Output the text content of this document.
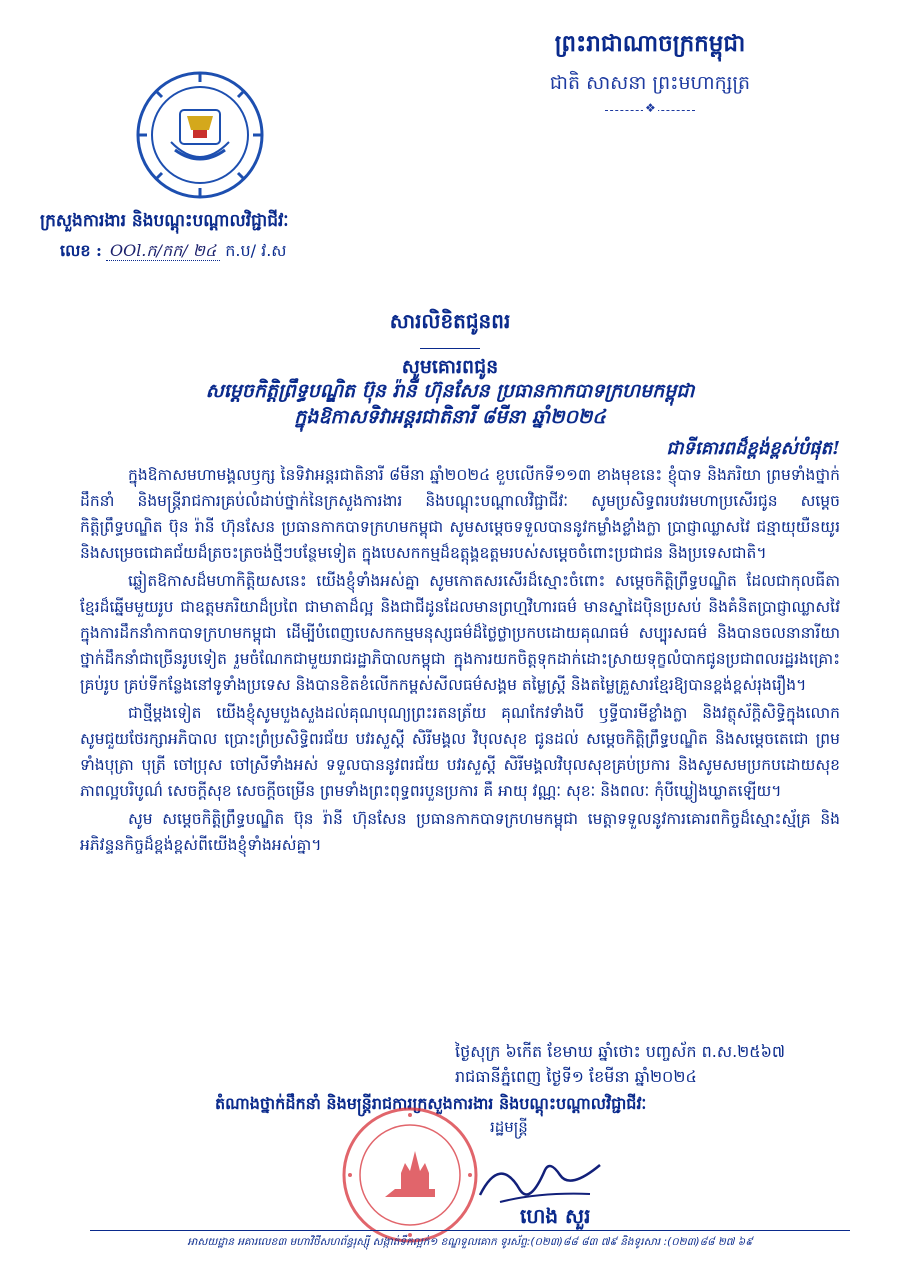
ព្រះរាជាណាចក្រកម្ពុជា
ជាតិ សាសនា ព្រះមហាក្សត្រ
❖
ក្រសួងការងារ និងបណ្តុះបណ្តាលវិជ្ជាជីវៈ
លេខ : OOl.ក/កក/ ២៤ ក.ប/ វ.ស
សារលិខិតជូនពរ
សូមគោរពជូន
សម្តេចកិត្តិព្រឹទ្ធបណ្ឌិត ប៊ុន រ៉ានី ហ៊ុនសែន ប្រធានកាកបាទក្រហមកម្ពុជា
ក្នុងឱកាសទិវាអន្តរជាតិនារី ៨មីនា ឆ្នាំ២០២៤
ជាទីគោរពដ៏ខ្ពង់ខ្ពស់បំផុត!

ក្នុងឱកាសមហាមង្គលឫក្ស នៃទិវាអន្តរជាតិនារី ៨មីនា ឆ្នាំ២០២៤ ខួបលើកទី១១៣ ខាងមុខនេះ ខ្ញុំបាទ និងភរិយា ព្រមទាំងថ្នាក់ដឹកនាំ និងមន្ត្រីរាជការគ្រប់លំដាប់ថ្នាក់នៃក្រសួងការងារ និងបណ្តុះបណ្តាលវិជ្ជាជីវៈ សូមប្រសិទ្ធពរបវរមហាប្រសើរជូន សម្តេចកិត្តិព្រឹទ្ធបណ្ឌិត ប៊ុន រ៉ានី ហ៊ុនសែន ប្រធានកាកបាទក្រហមកម្ពុជា សូមសម្តេចទទួលបាននូវកម្លាំងខ្លាំងក្លា ប្រាជ្ញាឈ្លាសវៃ ជន្មាយុយឺនយូរ និងសម្រេចជោគជ័យដ៏ត្រចះត្រចង់ថ្មីៗបន្ថែមទៀត ក្នុងបេសកកម្មដ៏ឧត្តុង្គឧត្តមរបស់សម្តេចចំពោះប្រជាជន និងប្រទេសជាតិ។

ឆ្លៀតឱកាសដ៏មហាកិត្តិយសនេះ យើងខ្ញុំទាំងអស់គ្នា សូមកោតសរសើរដ៏ស្មោះចំពោះ សម្តេចកិត្តិព្រឹទ្ធបណ្ឌិត ដែលជាកុលធីតាខ្មែរដ៏ឆ្នើមមួយរូប ជាឧត្តមភរិយាដ៏ប្រពៃ ជាមាតាដ៏ល្អ និងជាជីដូនដែលមានព្រហ្មវិហារធម៌ មានស្នាដៃប៉ិនប្រសប់ និងគំនិតប្រាជ្ញាឈ្លាសវៃ ក្នុងការដឹកនាំកាកបាទក្រហមកម្ពុជា ដើម្បីបំពេញបេសកកម្មមនុស្សធម៌ដ៏ថ្លៃថ្លាប្រកបដោយគុណធម៌ សប្បុរសធម៌ និងបានចលនានារីយាថ្នាក់ដឹកនាំជាច្រើនរូបទៀត រួមចំណែកជាមួយរាជរដ្ឋាភិបាលកម្ពុជា ក្នុងការយកចិត្តទុកដាក់ដោះស្រាយទុក្ខលំបាកជូនប្រជាពលរដ្ឋរងគ្រោះគ្រប់រូប គ្រប់ទីកន្លែងនៅទូទាំងប្រទេស និងបានខិតខំលើកកម្ពស់សីលធម៌សង្គម តម្លៃស្ត្រី និងតម្លៃគ្រួសារខ្មែរឱ្យបានខ្ពង់ខ្ពស់រុងរឿង។

ជាថ្មីម្តងទៀត យើងខ្ញុំសូមបួងសួងដល់គុណបុណ្យព្រះរតនត្រ័យ គុណកែវទាំងបី ឫទ្ធីបារមីខ្លាំងក្លា និងវត្ថុស័ក្តិសិទ្ធិក្នុងលោក សូមជួយថែរក្សាអភិបាល ប្រោះព្រំប្រសិទ្ធិពរជ័យ បវរសួស្តី សិរីមង្គល វិបុលសុខ ជូនដល់ សម្តេចកិត្តិព្រឹទ្ធបណ្ឌិត និងសម្តេចតេជោ ព្រមទាំងបុត្រា បុត្រី ចៅប្រុស ចៅស្រីទាំងអស់ ទទួលបាននូវពរជ័យ បវរសួស្តី សិរីមង្គលវិបុលសុខគ្រប់ប្រការ និងសូមសមប្រកបដោយសុខភាពល្អបរិបូណ៌ សេចក្តីសុខ សេចក្តីចម្រើន ព្រមទាំងព្រះពុទ្ធពរបួនប្រការ គឺ អាយុ វណ្ណៈ សុខៈ និងពលៈ កុំបីឃ្លៀងឃ្លាតឡើយ។

សូម សម្តេចកិត្តិព្រឹទ្ធបណ្ឌិត ប៊ុន រ៉ានី ហ៊ុនសែន ប្រធានកាកបាទក្រហមកម្ពុជា មេត្តាទទួលនូវការគោរពកិច្ចដ៏ស្មោះស្ម័គ្រ និងអភិវន្ទនកិច្ចដ៏ខ្ពង់ខ្ពស់ពីយើងខ្ញុំទាំងអស់គ្នា។

ថ្ងៃសុក្រ ៦កើត ខែមាឃ ឆ្នាំថោះ បញ្ចស័ក ព.ស.២៥៦៧
រាជធានីភ្នំពេញ ថ្ងៃទី១ ខែមីនា ឆ្នាំ២០២៤
តំណាងថ្នាក់ដឹកនាំ និងមន្ត្រីរាជការក្រសួងការងារ និងបណ្តុះបណ្តាលវិជ្ជាជីវៈ
រដ្ឋមន្ត្រី
ហេង សួរ
អាសយដ្ឋាន អគារលេខ៣ មហាវិថីសហព័ន្ធរុស្ស៊ី សង្កាត់ទឹកល្អក់១ ខណ្ឌទួលគោក ទូរស័ព្ទ:(០២៣)៨៨ ៨៣ ៧៩ និងទូរសារ :(០២៣)៨៨ ២៧ ៦៩
